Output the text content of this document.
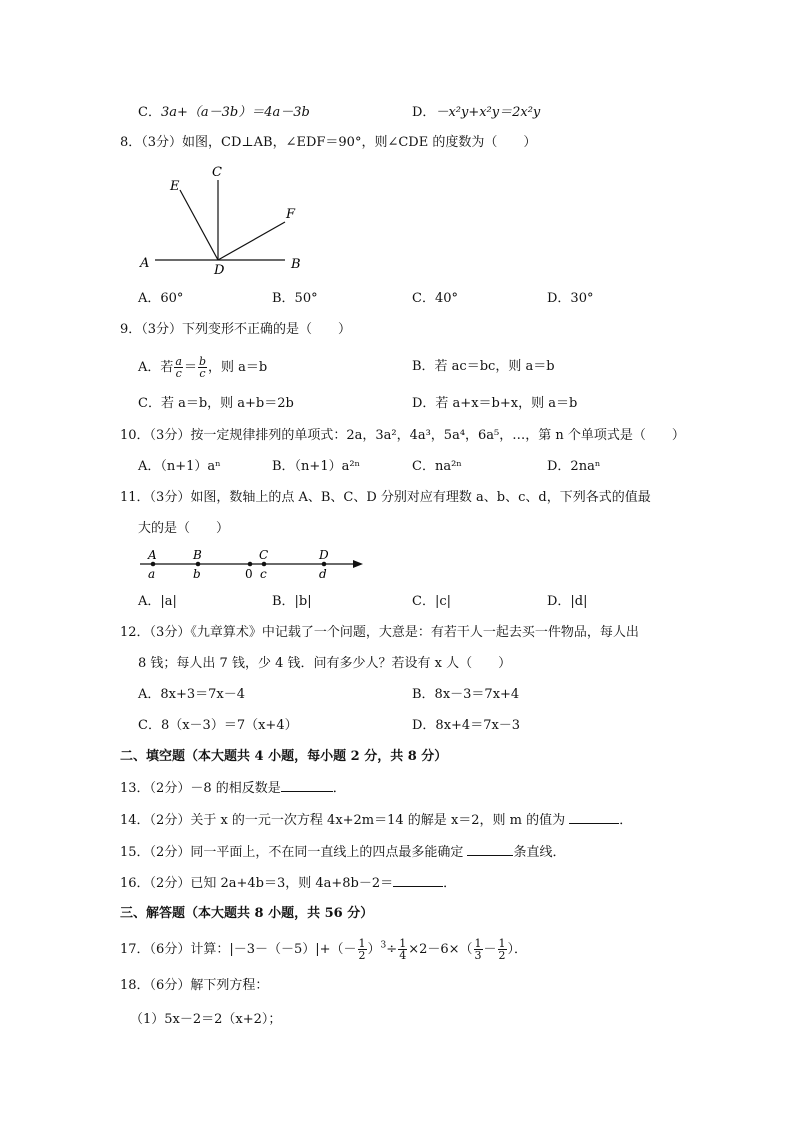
C．3a+（a－3b）＝4a－3b	D．－x²y+x²y＝2x²y
8．（3分）如图，CD⊥AB，∠EDF＝90°，则∠CDE 的度数为（　　）
A	B
C
D
E
F
A．60°	B．50°	C．40°	D．30°
9．（3分）下列变形不正确的是（　　）
A．若 $\frac{a}{c} = \frac{b}{c}$ ，则 a＝b	B．若 ac＝bc，则 a＝b
C．若 a＝b，则 a+b＝2b	D．若 a+x＝b+x，则 a＝b
10．（3分）按一定规律排列的单项式：2a，3a²，4a³，5a⁴，6a⁵，…，第 n 个单项式是（　　）
A．（n+1）aⁿ	B．（n+1）a²ⁿ	C．na²ⁿ	D．2naⁿ
11．（3分）如图，数轴上的点 A、B、C、D 分别对应有理数 a、b、c、d，下列各式的值最
大的是（　　）
A	B	C	D
a	b	0 c	d
A．|a|	B．|b|	C．|c|	D．|d|
12．（3分）《九章算术》中记载了一个问题，大意是：有若干人一起去买一件物品，每人出
8 钱；每人出 7 钱，少 4 钱．问有多少人？若设有 x 人（　　）
A．8x+3＝7x－4	B．8x－3＝7x+4
C．8（x－3）＝7（x+4）	D．8x+4＝7x－3
二、填空题（本大题共 4 小题，每小题 2 分，共 8 分）
13．（2分）－8 的相反数是	．
14．（2分）关于 x 的一元一次方程 4x+2m＝14 的解是 x＝2，则 m 的值为	．
15．（2分）同一平面上，不在同一直线上的四点最多能确定	条直线．
16．（2分）已知 2a+4b＝3，则 4a+8b－2＝	．
三、解答题（本大题共 8 小题，共 56 分）
17．（6分）计算：$|-3-(-5)|+(- \frac{1}{2} )^3\div \frac{1}{4} \times 2-6\times( \frac{1}{3} - \frac{1}{2}$ ）．
18．（6分）解下列方程：
（1）5x－2＝2（x+2）；
